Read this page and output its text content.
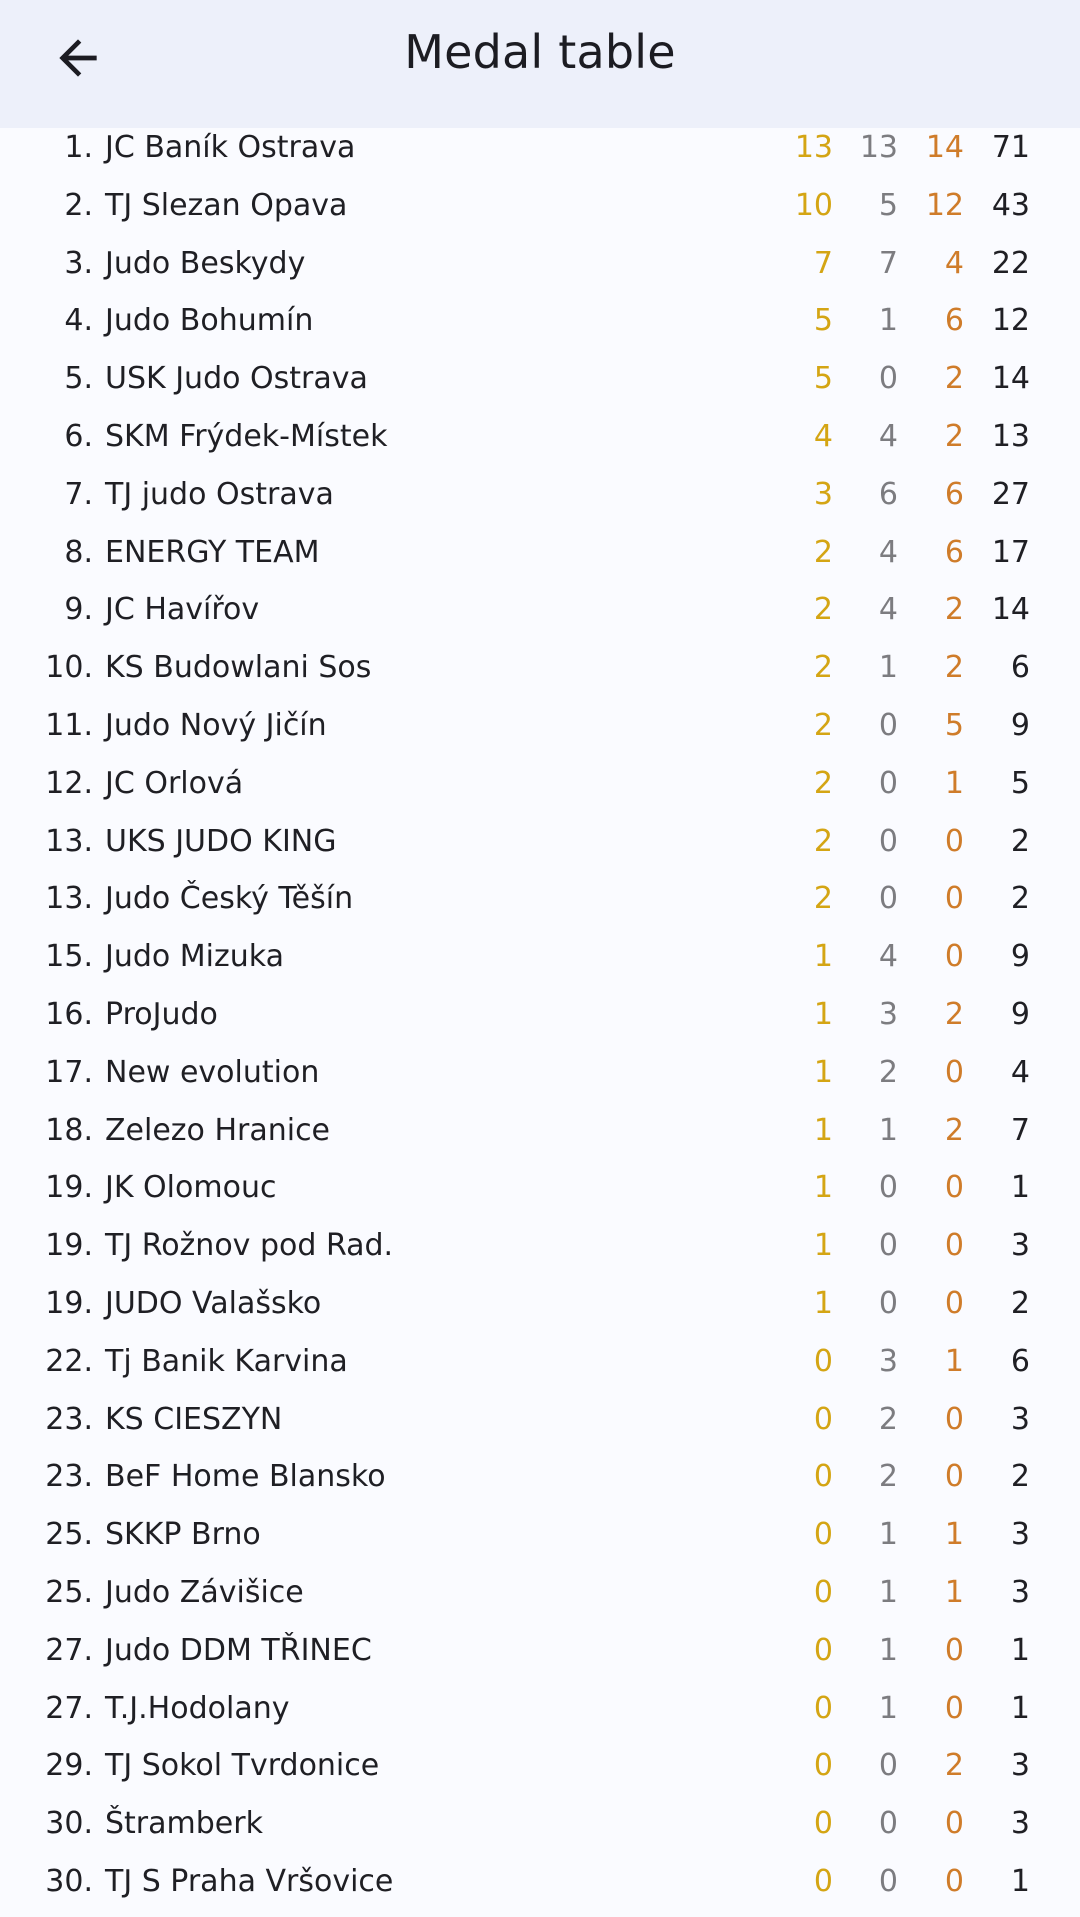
Medal table
1. JC Baník Ostrava	13 13 14 71
2. TJ Slezan Opava	10 5 12 43
3. Judo Beskydy	7 7 4 22
4. Judo Bohumín	5 1 6 12
5. USK Judo Ostrava	5 0 2 14
6. SKM Frýdek-Místek	4 4 2 13
7. TJ judo Ostrava	3 6 6 27
8. ENERGY TEAM	2 4 6 17
9. JC Havířov	2 4 2 14
10. KS Budowlani Sos	2 1 2 6
11. Judo Nový Jičín	2 0 5 9
12. JC Orlová	2 0 1 5
13. UKS JUDO KING	2 0 0 2
13. Judo Český Těšín	2 0 0 2
15. Judo Mizuka	1 4 0 9
16. ProJudo	1 3 2 9
17. New evolution	1 2 0 4
18. Zelezo Hranice	1 1 2 7
19. JK Olomouc	1 0 0 1
19. TJ Rožnov pod Rad.	1 0 0 3
19. JUDO Valašsko	1 0 0 2
22. Tj Banik Karvina	0 3 1 6
23. KS CIESZYN	0 2 0 3
23. BeF Home Blansko	0 2 0 2
25. SKKP Brno	0 1 1 3
25. Judo Závišice	0 1 1 3
27. Judo DDM TŘINEC	0 1 0 1
27. T.J.Hodolany	0 1 0 1
29. TJ Sokol Tvrdonice	0 0 2 3
30. Štramberk	0 0 0 3
30. TJ S Praha Vršovice	0 0 0 1
